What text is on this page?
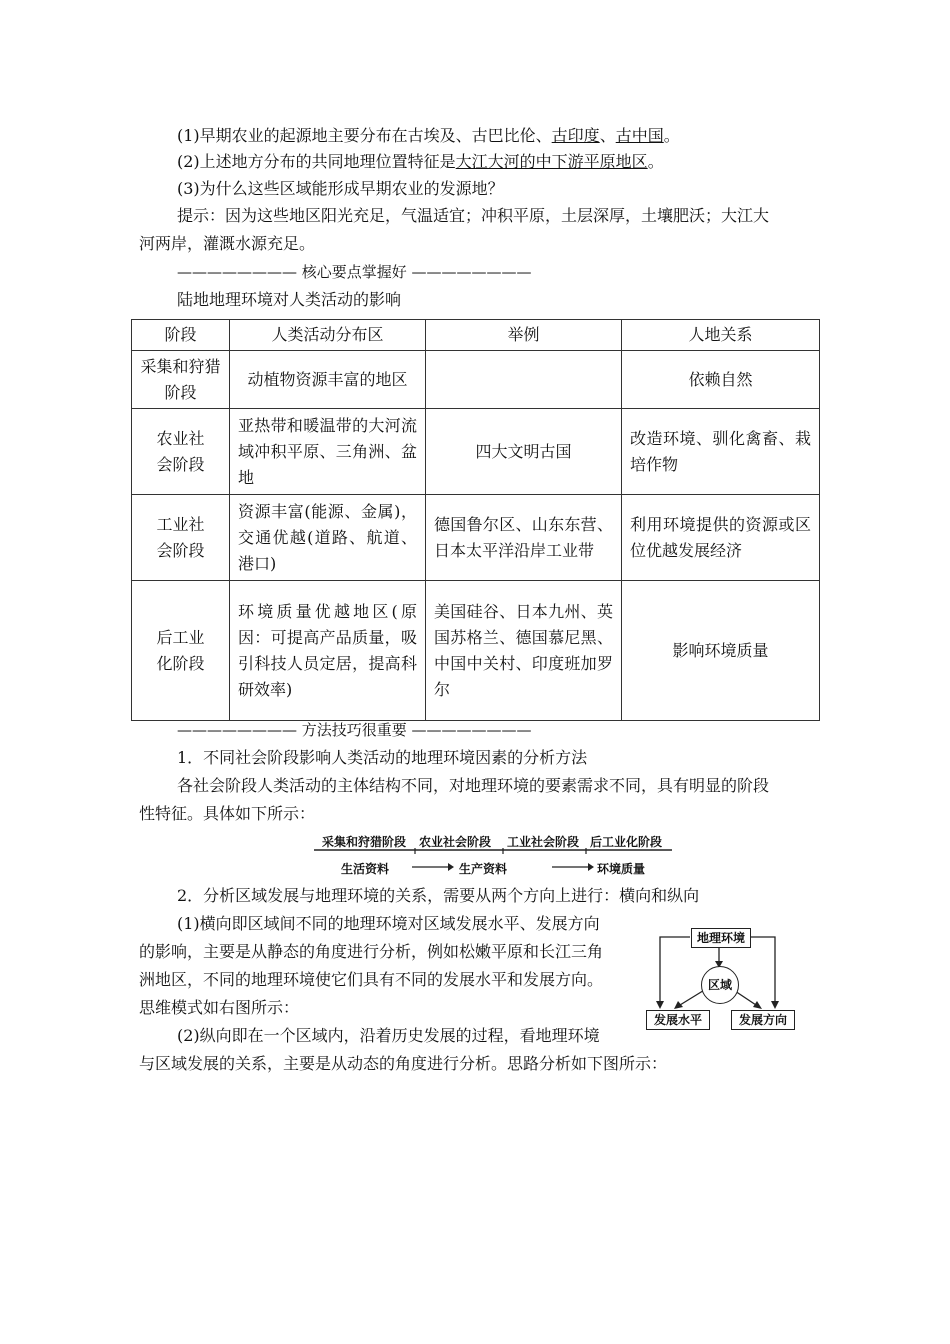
(1)早期农业的起源地主要分布在古埃及、古巴比伦、古印度、古中国。
(2)上述地方分布的共同地理位置特征是大江大河的中下游平原地区。
(3)为什么这些区域能形成早期农业的发源地？
提示：因为这些地区阳光充足，气温适宜；冲积平原，土层深厚，土壤肥沃；大江大
河两岸，灌溉水源充足。
———————— 核心要点掌握好 ————————
陆地地理环境对人类活动的影响
阶段	人类活动分布区	举例	人地关系
采集和狩猎阶段	动植物资源丰富的地区		依赖自然
农业社会阶段	亚热带和暖温带的大河流域冲积平原、三角洲、盆地	四大文明古国	改造环境、驯化禽畜、栽培作物
工业社会阶段	资源丰富(能源、金属)，交通优越(道路、航道、港口)	德国鲁尔区、山东东营、日本太平洋沿岸工业带	利用环境提供的资源或区位优越发展经济
后工业化阶段	环境质量优越地区(原因：可提高产品质量，吸引科技人员定居，提高科研效率)	美国硅谷、日本九州、英国苏格兰、德国慕尼黑、中国中关村、印度班加罗尔	影响环境质量
———————— 方法技巧很重要 ————————
1．不同社会阶段影响人类活动的地理环境因素的分析方法
各社会阶段人类活动的主体结构不同，对地理环境的要素需求不同，具有明显的阶段
性特征。具体如下所示：
采集和狩猎阶段 农业社会阶段 工业社会阶段 后工业化阶段
生活资料	生产资料	环境质量
2．分析区域发展与地理环境的关系，需要从两个方向上进行：横向和纵向
(1)横向即区域间不同的地理环境对区域发展水平、发展方向
的影响，主要是从静态的角度进行分析，例如松嫩平原和长江三角
洲地区，不同的地理环境使它们具有不同的发展水平和发展方向。
思维模式如右图所示：
(2)纵向即在一个区域内，沿着历史发展的过程，看地理环境
与区域发展的关系，主要是从动态的角度进行分析。思路分析如下图所示：
地理环境
区域
发展水平	发展方向
